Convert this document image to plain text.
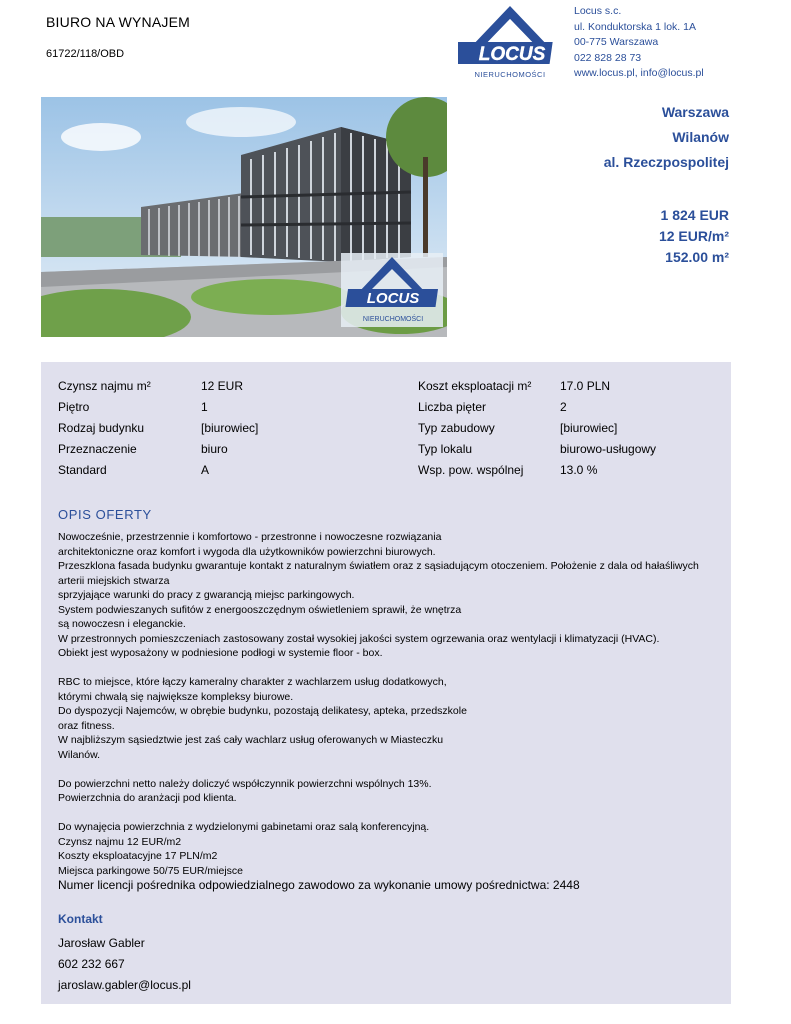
BIURO NA WYNAJEM
61722/118/OBD	LOCUS
NIERUCHOMOŚCI
Locus s.c.
ul. Konduktorska 1 lok. 1A
00-775 Warszawa
022 828 28 73
www.locus.pl, info@locus.pl
LOCUS
NIERUCHOMOŚCI
Warszawa
Wilanów
al. Rzeczpospolitej
1 824 EUR
12 EUR/m²
152.00 m²
Czynsz najmu m²	12 EUR	Koszt eksploatacji m² 17.0 PLN
Piętro	1	Liczba pięter	2
Rodzaj budynku	[biurowiec]	Typ zabudowy	[biurowiec]
Przeznaczenie	biuro	Typ lokalu	biurowo-usługowy
Standard	A	Wsp. pow. wspólnej	13.0 %
OPIS OFERTY
Nowocześnie, przestrzennie i komfortowo - przestronne i nowoczesne rozwiązania
architektoniczne oraz komfort i wygoda dla użytkowników powierzchni biurowych.
Przeszklona fasada budynku gwarantuje kontakt z naturalnym światłem oraz z sąsiadującym otoczeniem. Położenie z dala od hałaśliwych
arterii miejskich stwarza
sprzyjające warunki do pracy z gwarancją miejsc parkingowych.
System podwieszanych sufitów z energooszczędnym oświetleniem sprawił, że wnętrza
są nowoczesn i eleganckie.
W przestronnych pomieszczeniach zastosowany został wysokiej jakości system ogrzewania oraz wentylacji i klimatyzacji (HVAC).
Obiekt jest wyposażony w podniesione podłogi w systemie floor - box.
RBC to miejsce, które łączy kameralny charakter z wachlarzem usług dodatkowych,
którymi chwalą się największe kompleksy biurowe.
Do dyspozycji Najemców, w obrębie budynku, pozostają delikatesy, apteka, przedszkole
oraz fitness.
W najbliższym sąsiedztwie jest zaś cały wachlarz usług oferowanych w Miasteczku
Wilanów.
Do powierzchni netto należy doliczyć współczynnik powierzchni wspólnych 13%.
Powierzchnia do aranżacji pod klienta.
Do wynajęcia powierzchnia z wydzielonymi gabinetami oraz salą konferencyjną.
Czynsz najmu 12 EUR/m2
Koszty eksploatacyjne 17 PLN/m2
Miejsca parkingowe 50/75 EUR/miejsce
Numer licencji pośrednika odpowiedzialnego zawodowo za wykonanie umowy pośrednictwa: 2448
Kontakt
Jarosław Gabler
602 232 667
jaroslaw.gabler@locus.pl
